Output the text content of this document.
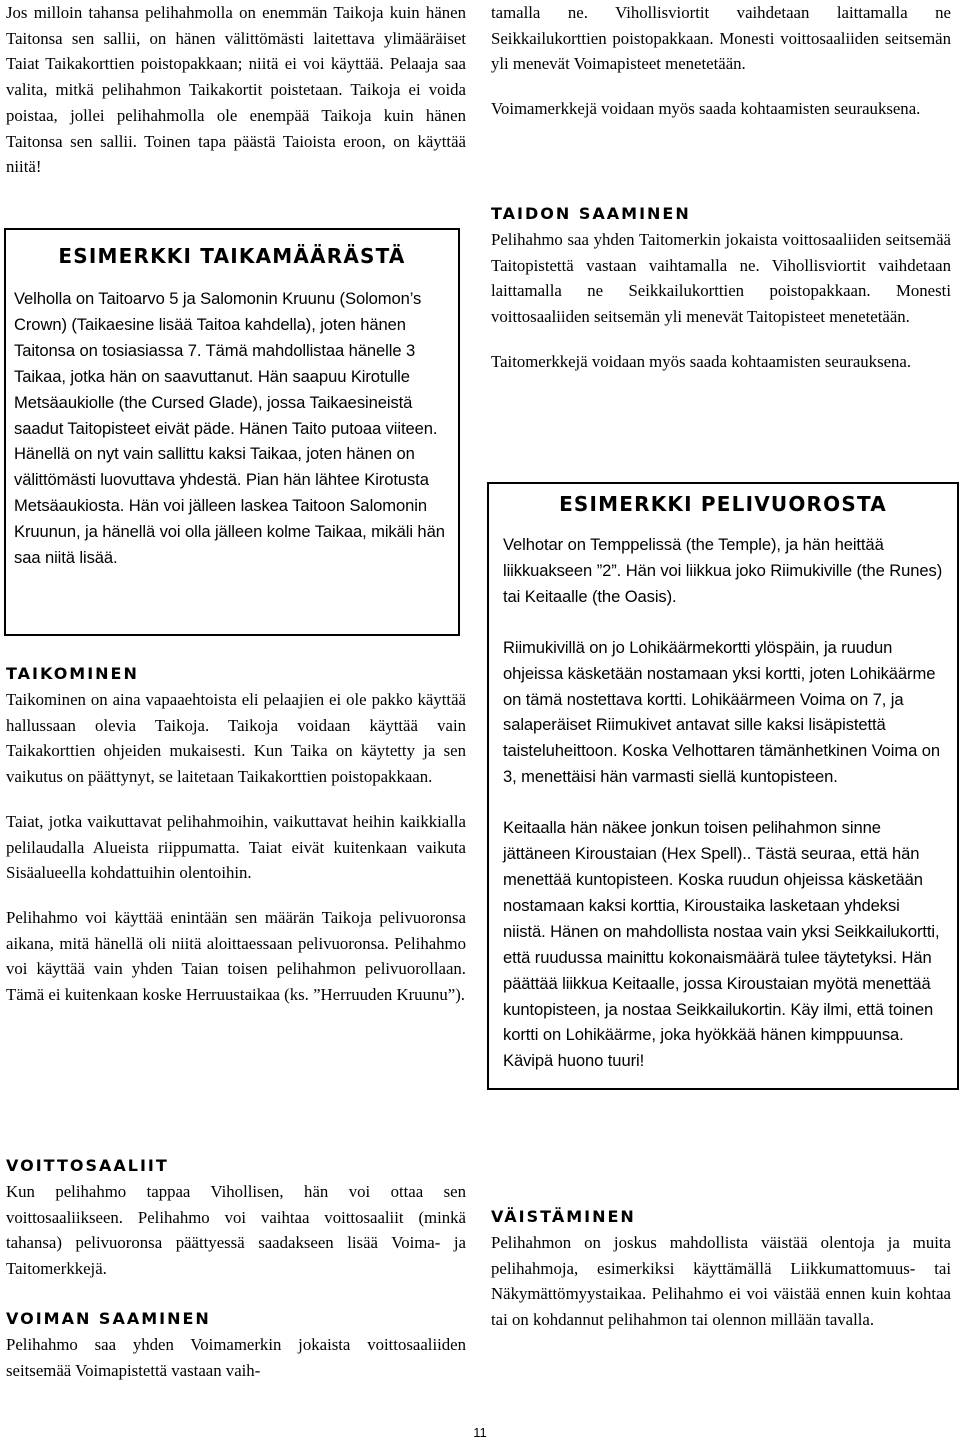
Jos milloin tahansa pelihahmolla on enemmän Taikoja kuin hänen Taitonsa sen sallii, on hänen välittömästi laitettava ylimääräiset Taiat Taikakorttien poistopakkaan; niitä ei voi käyttää. Pelaaja saa valita, mitkä pelihahmon Taikakortit poistetaan. Taikoja ei voida poistaa, jollei pelihahmolla ole enempää Taikoja kuin hänen Taitonsa sen sallii. Toinen tapa päästä Taioista eroon, on käyttää niitä!

ESIMERKKI TAIKAMÄÄRÄSTÄ

Velholla on Taitoarvo 5 ja Salomonin Kruunu (Solomon’s Crown) (Taikaesine lisää Taitoa kahdella), joten hänen Taitonsa on tosiasiassa 7. Tämä mahdollistaa hänelle 3 Taikaa, jotka hän on saavuttanut. Hän saapuu Kirotulle Metsäaukiolle (the Cursed Glade), jossa Taikaesineistä saadut Taitopisteet eivät päde. Hänen Taito putoaa viiteen. Hänellä on nyt vain sallittu kaksi Taikaa, joten hänen on välittömästi luovuttava yhdestä. Pian hän lähtee Kirotusta Metsäaukiosta. Hän voi jälleen laskea Taitoon Salomonin Kruunun, ja hänellä voi olla jälleen kolme Taikaa, mikäli hän saa niitä lisää.

TAIKOMINEN

Taikominen on aina vapaaehtoista eli pelaajien ei ole pakko käyttää hallussaan olevia Taikoja. Taikoja voidaan käyttää vain Taikakorttien ohjeiden mukaisesti. Kun Taika on käytetty ja sen vaikutus on päättynyt, se laitetaan Taikakorttien poistopakkaan.

Taiat, jotka vaikuttavat pelihahmoihin, vaikuttavat heihin kaikkialla pelilaudalla Alueista riippumatta. Taiat eivät kuitenkaan vaikuta Sisäalueella kohdattuihin olentoihin.

Pelihahmo voi käyttää enintään sen määrän Taikoja pelivuoronsa aikana, mitä hänellä oli niitä aloittaessaan pelivuoronsa. Pelihahmo voi käyttää vain yhden Taian toisen pelihahmon pelivuorollaan. Tämä ei kuitenkaan koske Herruustaikaa (ks. ”Herruuden Kruunu”).

VOITTOSAALIIT

Kun pelihahmo tappaa Vihollisen, hän voi ottaa sen voittosaaliikseen. Pelihahmo voi vaihtaa voittosaaliit (minkä tahansa) pelivuoronsa päättyessä saadakseen lisää Voima- ja Taitomerkkejä.

VOIMAN SAAMINEN

Pelihahmo saa yhden Voimamerkin jokaista voittosaaliiden seitsemää Voimapistettä vastaan vaih-

tamalla ne. Vihollisviortit vaihdetaan laittamalla ne Seikkailukorttien poistopakkaan. Monesti voittosaaliiden seitsemän yli menevät Voimapisteet menetetään.

Voimamerkkejä voidaan myös saada kohtaamisten seurauksena.

TAIDON SAAMINEN

Pelihahmo saa yhden Taitomerkin jokaista voittosaaliiden seitsemää Taitopistettä vastaan vaihtamalla ne. Vihollisviortit vaihdetaan laittamalla ne Seikkailukorttien poistopakkaan. Monesti voittosaaliiden seitsemän yli menevät Taitopisteet menetetään.

Taitomerkkejä voidaan myös saada kohtaamisten seurauksena.

ESIMERKKI PELIVUOROSTA

Velhotar on Temppelissä (the Temple), ja hän heittää liikkuakseen ”2”. Hän voi liikkua joko Riimukiville (the Runes) tai Keitaalle (the Oasis).

Riimukivillä on jo Lohikäärmekortti ylöspäin, ja ruudun ohjeissa käsketään nostamaan yksi kortti, joten Lohikäärme on tämä nostettava kortti. Lohikäärmeen Voima on 7, ja salaperäiset Riimukivet antavat sille kaksi lisäpistettä taisteluheittoon. Koska Velhottaren tämänhetkinen Voima on 3, menettäisi hän varmasti siellä kuntopisteen.

Keitaalla hän näkee jonkun toisen pelihahmon sinne jättäneen Kiroustaian (Hex Spell).. Tästä seuraa, että hän menettää kuntopisteen. Koska ruudun ohjeissa käsketään nostamaan kaksi korttia, Kiroustaika lasketaan yhdeksi niistä. Hänen on mahdollista nostaa vain yksi Seikkailukortti, että ruudussa mainittu kokonaismäärä tulee täytetyksi. Hän päättää liikkua Keitaalle, jossa Kiroustaian myötä menettää kuntopisteen, ja nostaa Seikkailukortin. Käy ilmi, että toinen kortti on Lohikäärme, joka hyökkää hänen kimppuunsa. Kävipä huono tuuri!

VÄISTÄMINEN

Pelihahmon on joskus mahdollista väistää olentoja ja muita pelihahmoja, esimerkiksi käyttämällä Liikkumattomuus- tai Näkymättömyystaikaa. Pelihahmo ei voi väistää ennen kuin kohtaa tai on kohdannut pelihahmon tai olennon millään tavalla.

11
